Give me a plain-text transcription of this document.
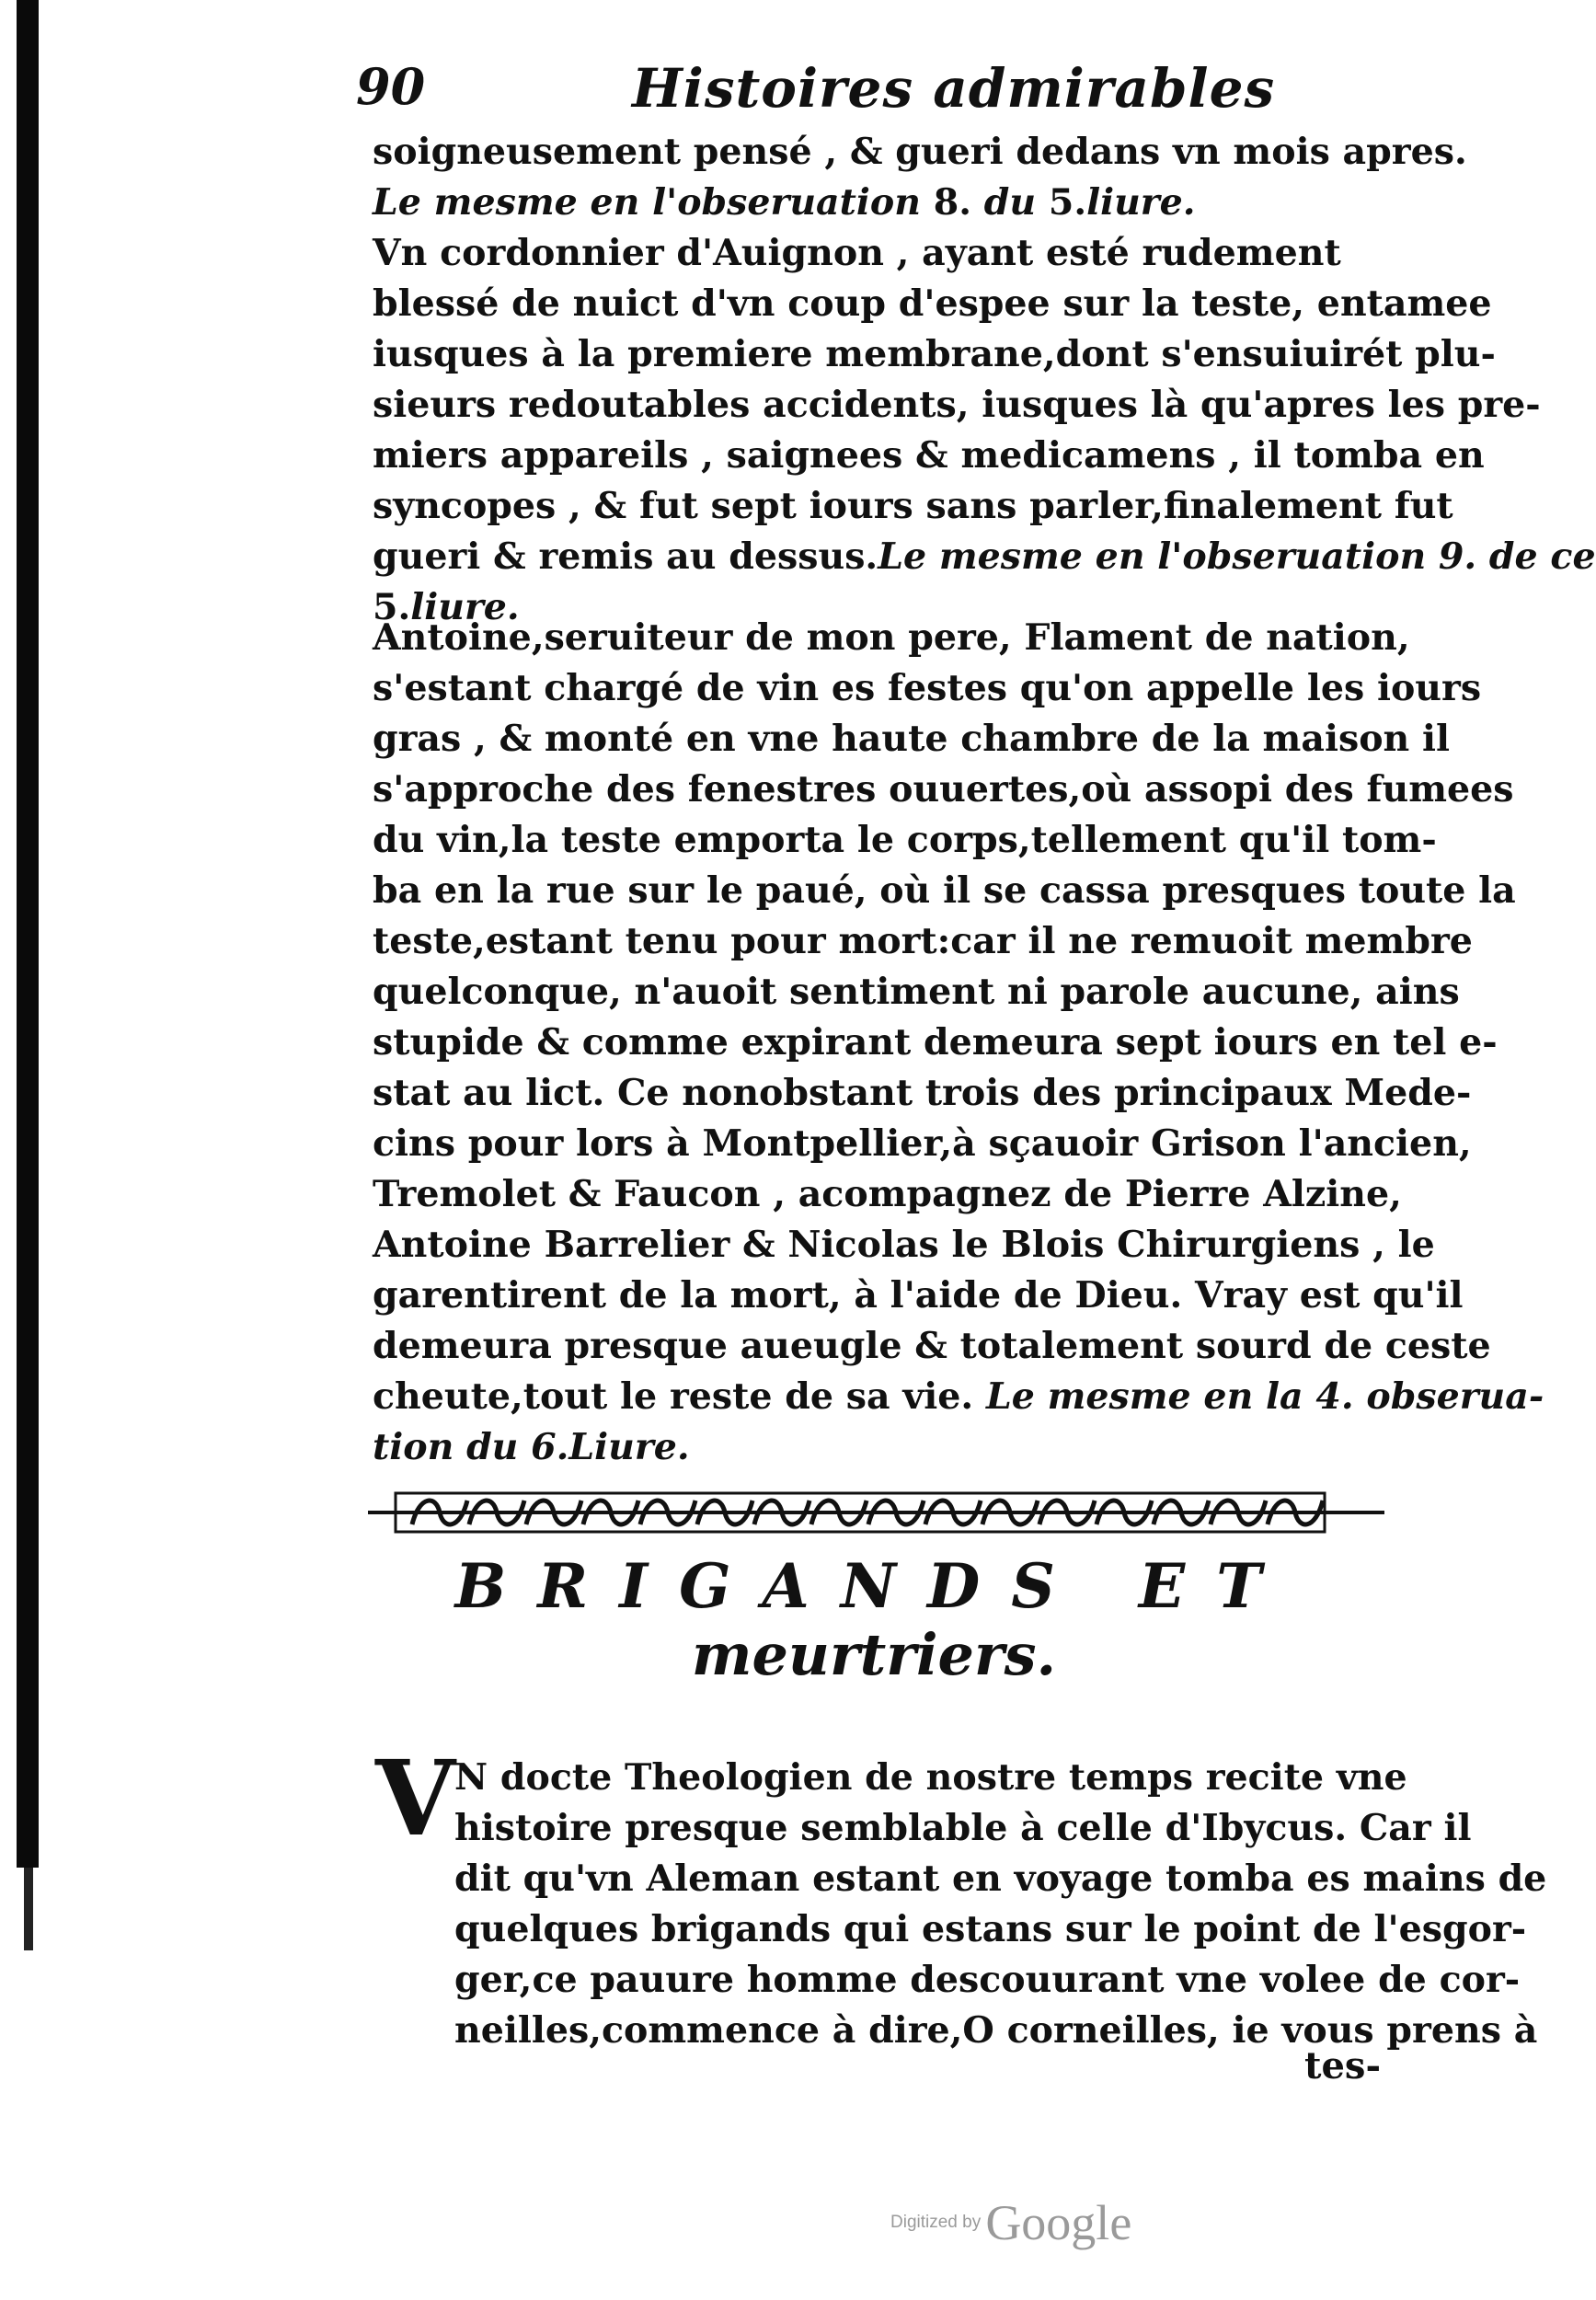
90	Histoires admirables
soigneusement pensé , & gueri dedans vn mois apres.
Le mesme en l'obseruation 8. du 5.liure.
Vn cordonnier d'Auignon , ayant esté rudement
blessé de nuict d'vn coup d'espee sur la teste, entamee
iusques à la premiere membrane,dont s'ensuiuirét plu-
sieurs redoutables accidents, iusques là qu'apres les pre-
miers appareils , saignees & medicamens , il tomba en
syncopes , & fut sept iours sans parler,finalement fut
gueri & remis au dessus.Le mesme en l'obseruation 9. de ce
5.liure.
Antoine,seruiteur de mon pere, Flament de nation,
s'estant chargé de vin es festes qu'on appelle les iours
gras , & monté en vne haute chambre de la maison il
s'approche des fenestres ouuertes,où assopi des fumees
du vin,la teste emporta le corps,tellement qu'il tom-
ba en la rue sur le paué, où il se cassa presques toute la
teste,estant tenu pour mort:car il ne remuoit membre
quelconque, n'auoit sentiment ni parole aucune, ains
stupide & comme expirant demeura sept iours en tel e-
stat au lict. Ce nonobstant trois des principaux Mede-
cins pour lors à Montpellier,à sçauoir Grison l'ancien,
Tremolet & Faucon , acompagnez de Pierre Alzine,
Antoine Barrelier & Nicolas le Blois Chirurgiens , le
garentirent de la mort, à l'aide de Dieu. Vray est qu'il
demeura presque aueugle & totalement sourd de ceste
cheute,tout le reste de sa vie. Le mesme en la 4. obserua-
tion du 6.Liure.
BRIGANDS ET
meurtriers.
V N docte Theologien de nostre temps recite vne
histoire presque semblable à celle d'Ibycus. Car il
dit qu'vn Aleman estant en voyage tomba es mains de
quelques brigands qui estans sur le point de l'esgor-
ger,ce pauure homme descouurant vne volee de cor-
neilles,commence à dire,O corneilles, ie vous prens à
tes-
Digitized by Google
